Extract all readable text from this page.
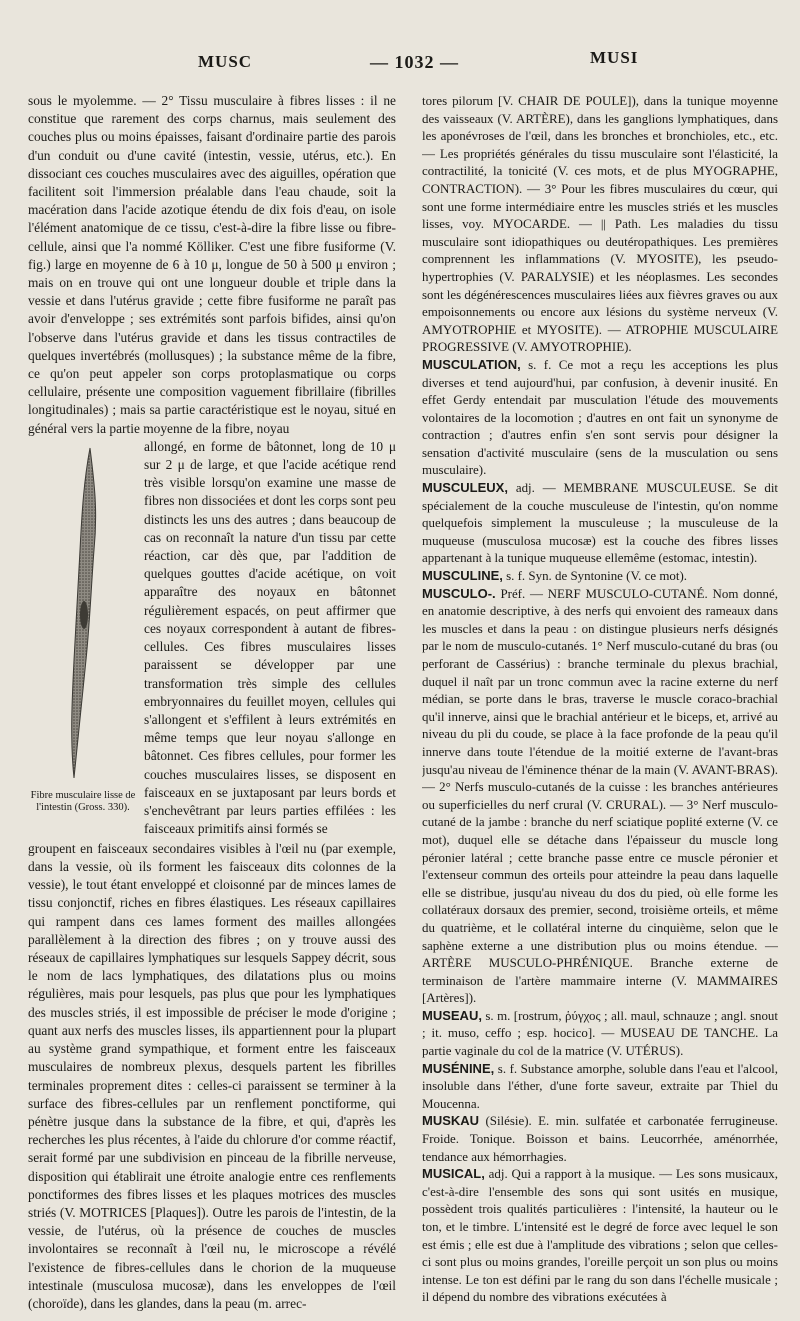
MUSC	— 1032 —	MUSI

sous le myolemme. — 2° Tissu musculaire à fibres lisses : il ne constitue que rarement des corps charnus, mais seulement des couches plus ou moins épaisses, faisant d'ordinaire partie des parois d'un conduit ou d'une cavité (intestin, vessie, utérus, etc.). En dissociant ces couches musculaires avec des aiguilles, opération que facilitent soit l'immersion préalable dans l'eau chaude, soit la macération dans l'acide azotique étendu de dix fois d'eau, on isole l'élément anatomique de ce tissu, c'est-à-dire la fibre lisse ou fibre-cellule, ainsi que l'a nommé Kölliker. C'est une fibre fusiforme (V. fig.) large en moyenne de 6 à 10 μ, longue de 50 à 500 μ environ ; mais on en trouve qui ont une longueur double et triple dans la vessie et dans l'utérus gravide ; cette fibre fusiforme ne paraît pas avoir d'enveloppe ; ses extrémités sont parfois bifides, ainsi qu'on l'observe dans l'utérus gravide et dans les tissus contractiles de quelques invertébrés (mollusques) ; la substance même de la fibre, ce qu'on peut appeler son corps protoplasmatique ou corps cellulaire, présente une composition vaguement fibrillaire (fibrilles longitudinales) ; mais sa partie caractéristique est le noyau, situé en général vers la partie moyenne de la fibre, noyau

Fibre musculaire lisse de l'intestin (Gross. 330).

allongé, en forme de bâtonnet, long de 10 μ sur 2 μ de large, et que l'acide acétique rend très visible lorsqu'on examine une masse de fibres non dissociées et dont les corps sont peu distincts les uns des autres ; dans beaucoup de cas on reconnaît la nature d'un tissu par cette réaction, car dès que, par l'addition de quelques gouttes d'acide acétique, on voit apparaître des noyaux en bâtonnet régulièrement espacés, on peut affirmer que ces noyaux correspondent à autant de fibres-cellules. Ces fibres musculaires lisses paraissent se développer par une transformation très simple des cellules embryonnaires du feuillet moyen, cellules qui s'allongent et s'effilent à leurs extrémités en même temps que leur noyau s'allonge en bâtonnet. Ces fibres cellules, pour former les couches musculaires lisses, se disposent en faisceaux en se juxtaposant par leurs bords et s'enchevêtrant par leurs parties effilées : les faisceaux primitifs ainsi formés se

groupent en faisceaux secondaires visibles à l'œil nu (par exemple, dans la vessie, où ils forment les faisceaux dits colonnes de la vessie), le tout étant enveloppé et cloisonné par de minces lames de tissu conjonctif, riches en fibres élastiques. Les réseaux capillaires qui rampent dans ces lames forment des mailles allongées parallèlement à la direction des fibres ; on y trouve aussi des réseaux de capillaires lymphatiques sur lesquels Sappey décrit, sous le nom de lacs lymphatiques, des dilatations plus ou moins régulières, mais pour lesquels, pas plus que pour les lymphatiques des muscles striés, il est impossible de préciser le mode d'origine ; quant aux nerfs des muscles lisses, ils appartiennent pour la plupart au système grand sympathique, et forment entre les faisceaux musculaires de nombreux plexus, desquels partent les fibrilles terminales proprement dites : celles-ci paraissent se terminer à la surface des fibres-cellules par un renflement ponctiforme, qui pénètre jusque dans la substance de la fibre, et qui, d'après les recherches les plus récentes, à l'aide du chlorure d'or comme réactif, serait formé par une subdivision en pinceau de la fibrille nerveuse, disposition qui établirait une étroite analogie entre ces renflements ponctiformes des fibres lisses et les plaques motrices des muscles striés (V. MOTRICES [Plaques]). Outre les parois de l'intestin, de la vessie, de l'utérus, où la présence de couches de muscles involontaires se reconnaît à l'œil nu, le microscope a révélé l'existence de fibres-cellules dans le chorion de la muqueuse intestinale (musculosa mucosæ), dans les enveloppes de l'œil (choroïde), dans les glandes, dans la peau (m. arrec-

tores pilorum [V. CHAIR DE POULE]), dans la tunique moyenne des vaisseaux (V. ARTÈRE), dans les ganglions lymphatiques, dans les aponévroses de l'œil, dans les bronches et bronchioles, etc., etc. — Les propriétés générales du tissu musculaire sont l'élasticité, la contractilité, la tonicité (V. ces mots, et de plus MYOGRAPHE, CONTRACTION). — 3° Pour les fibres musculaires du cœur, qui sont une forme intermédiaire entre les muscles striés et les muscles lisses, voy. MYOCARDE. — || Path. Les maladies du tissu musculaire sont idiopathiques ou deutéropathiques. Les premières comprennent les inflammations (V. MYOSITE), les pseudo-hypertrophies (V. PARALYSIE) et les néoplasmes. Les secondes sont les dégénérescences musculaires liées aux fièvres graves ou aux empoisonnements ou encore aux lésions du système nerveux (V. AMYOTROPHIE et MYOSITE). — ATROPHIE MUSCULAIRE PROGRESSIVE (V. AMYOTROPHIE).

MUSCULATION, s. f. Ce mot a reçu les acceptions les plus diverses et tend aujourd'hui, par confusion, à devenir inusité. En effet Gerdy entendait par musculation l'étude des mouvements volontaires de la locomotion ; d'autres en ont fait un synonyme de contraction ; d'autres enfin s'en sont servis pour désigner la sensation d'activité musculaire (sens de la musculation ou sens musculaire).

MUSCULEUX, adj. — MEMBRANE MUSCULEUSE. Se dit spécialement de la couche musculeuse de l'intestin, qu'on nomme quelquefois simplement la musculeuse ; la musculeuse de la muqueuse (musculosa mucosæ) est la couche des fibres lisses appartenant à la tunique muqueuse ellemême (estomac, intestin).

MUSCULINE, s. f. Syn. de Syntonine (V. ce mot).

MUSCULO-. Préf. — NERF MUSCULO-CUTANÉ. Nom donné, en anatomie descriptive, à des nerfs qui envoient des rameaux dans les muscles et dans la peau : on distingue plusieurs nerfs désignés par le nom de musculo-cutanés. 1° Nerf musculo-cutané du bras (ou perforant de Cassérius) : branche terminale du plexus brachial, duquel il naît par un tronc commun avec la racine externe du nerf médian, se porte dans le bras, traverse le muscle coraco-brachial qu'il innerve, ainsi que le brachial antérieur et le biceps, et, arrivé au niveau du pli du coude, se place à la face profonde de la peau qu'il innerve dans toute l'étendue de la moitié externe de l'avant-bras jusqu'au niveau de l'éminence thénar de la main (V. AVANT-BRAS). — 2° Nerfs musculo-cutanés de la cuisse : les branches antérieures ou superficielles du nerf crural (V. CRURAL). — 3° Nerf musculo-cutané de la jambe : branche du nerf sciatique poplité externe (V. ce mot), duquel elle se détache dans l'épaisseur du muscle long péronier latéral ; cette branche passe entre ce muscle péronier et l'extenseur commun des orteils pour atteindre la peau dans laquelle elle se distribue, jusqu'au niveau du dos du pied, où elle forme les collatéraux dorsaux des premier, second, troisième orteils, et même du quatrième, et le collatéral interne du cinquième, selon que le saphène externe a une distribution plus ou moins étendue. — ARTÈRE MUSCULO-PHRÉNIQUE. Branche externe de terminaison de l'artère mammaire interne (V. MAMMAIRES [Artères]).

MUSEAU, s. m. [rostrum, ῥύγχος ; all. maul, schnauze ; angl. snout ; it. muso, ceffo ; esp. hocico]. — MUSEAU DE TANCHE. La partie vaginale du col de la matrice (V. UTÉRUS).

MUSÉNINE, s. f. Substance amorphe, soluble dans l'eau et l'alcool, insoluble dans l'éther, d'une forte saveur, extraite par Thiel du Moucenna.

MUSKAU (Silésie). E. min. sulfatée et carbonatée ferrugineuse. Froide. Tonique. Boisson et bains. Leucorrhée, aménorrhée, tendance aux hémorrhagies.

MUSICAL, adj. Qui a rapport à la musique. — Les sons musicaux, c'est-à-dire l'ensemble des sons qui sont usités en musique, possèdent trois qualités particulières : l'intensité, la hauteur ou le ton, et le timbre. L'intensité est le degré de force avec lequel le son est émis ; elle est due à l'amplitude des vibrations ; selon que celles-ci sont plus ou moins grandes, l'oreille perçoit un son plus ou moins intense. Le ton est défini par le rang du son dans l'échelle musicale ; il dépend du nombre des vibrations exécutées à
